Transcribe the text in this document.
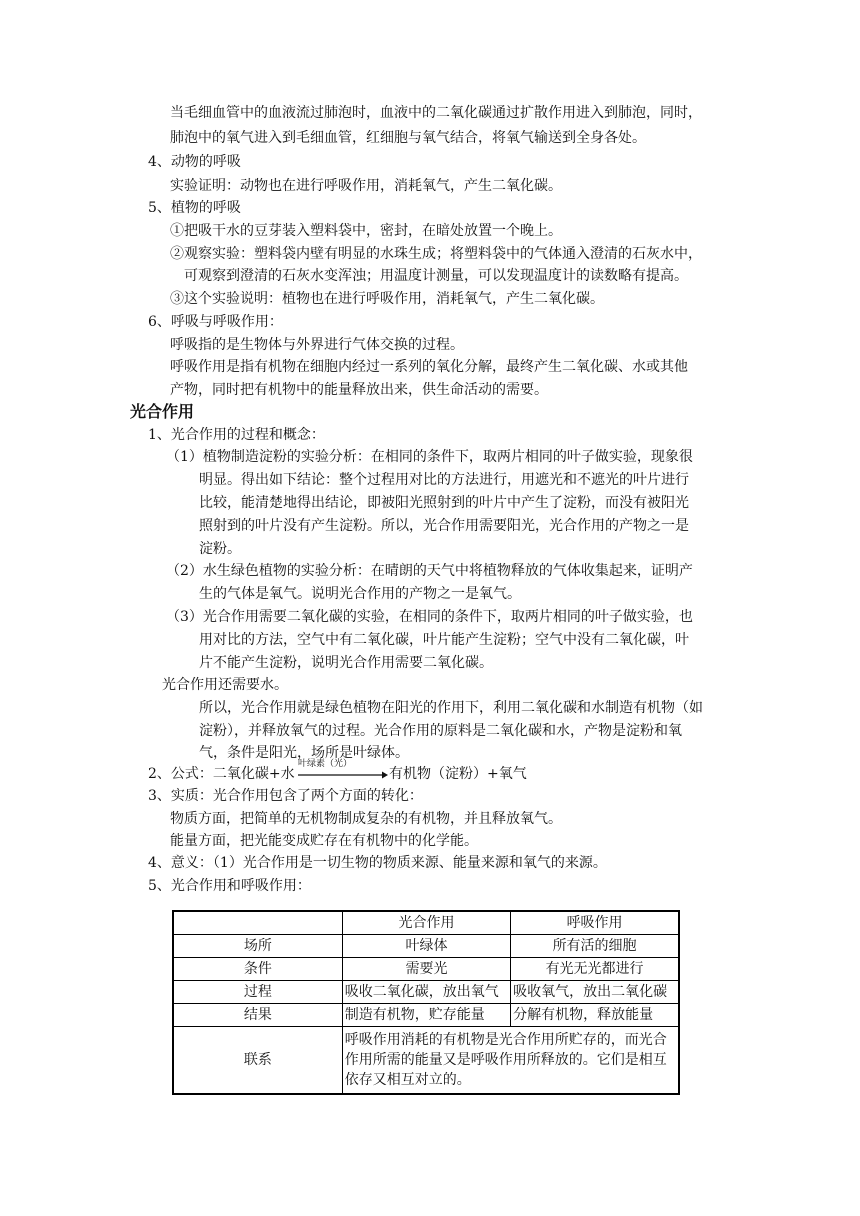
当毛细血管中的血液流过肺泡时，血液中的二氧化碳通过扩散作用进入到肺泡，同时，
肺泡中的氧气进入到毛细血管，红细胞与氧气结合，将氧气输送到全身各处。
4、动物的呼吸
实验证明：动物也在进行呼吸作用，消耗氧气，产生二氧化碳。
5、植物的呼吸
①把吸干水的豆芽装入塑料袋中，密封，在暗处放置一个晚上。
②观察实验：塑料袋内壁有明显的水珠生成；将塑料袋中的气体通入澄清的石灰水中，
可观察到澄清的石灰水变浑浊；用温度计测量，可以发现温度计的读数略有提高。
③这个实验说明：植物也在进行呼吸作用，消耗氧气，产生二氧化碳。
6、呼吸与呼吸作用：
呼吸指的是生物体与外界进行气体交换的过程。
呼吸作用是指有机物在细胞内经过一系列的氧化分解，最终产生二氧化碳、水或其他
产物，同时把有机物中的能量释放出来，供生命活动的需要。
光合作用
1、光合作用的过程和概念：
（1）植物制造淀粉的实验分析：在相同的条件下，取两片相同的叶子做实验，现象很
明显。得出如下结论：整个过程用对比的方法进行，用遮光和不遮光的叶片进行
比较，能清楚地得出结论，即被阳光照射到的叶片中产生了淀粉，而没有被阳光
照射到的叶片没有产生淀粉。所以，光合作用需要阳光，光合作用的产物之一是
淀粉。
（2）水生绿色植物的实验分析：在晴朗的天气中将植物释放的气体收集起来，证明产
生的气体是氧气。说明光合作用的产物之一是氧气。
（3）光合作用需要二氧化碳的实验，在相同的条件下，取两片相同的叶子做实验，也
用对比的方法，空气中有二氧化碳，叶片能产生淀粉；空气中没有二氧化碳，叶
片不能产生淀粉，说明光合作用需要二氧化碳。
光合作用还需要水。
所以，光合作用就是绿色植物在阳光的作用下，利用二氧化碳和水制造有机物（如
淀粉），并释放氧气的过程。光合作用的原料是二氧化碳和水，产物是淀粉和氧
气，条件是阳光，场所是叶绿体。
2、公式：二氧化碳+水
叶绿素（光）
有机物（淀粉）+氧气
3、实质：光合作用包含了两个方面的转化：
物质方面，把简单的无机物制成复杂的有机物，并且释放氧气。
能量方面，把光能变成贮存在有机物中的化学能。
4、意义：（1）光合作用是一切生物的物质来源、能量来源和氧气的来源。
5、光合作用和呼吸作用：
	光合作用	呼吸作用
场所	叶绿体	所有活的细胞
条件	需要光	有光无光都进行
过程	吸收二氧化碳，放出氧气	吸收氧气，放出二氧化碳
结果	制造有机物，贮存能量	分解有机物，释放能量
联系	呼吸作用消耗的有机物是光合作用所贮存的，而光合作用所需的能量又是呼吸作用所释放的。它们是相互依存又相互对立的。	
